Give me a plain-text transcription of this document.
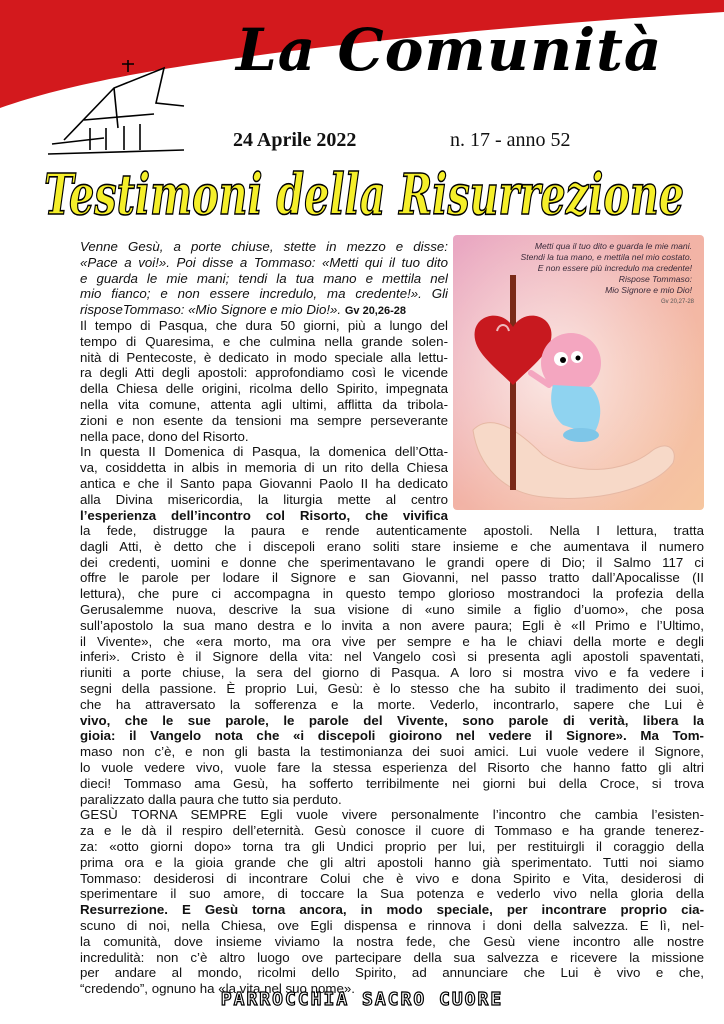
La Comunità
24 Aprile 2022	n. 17 - anno 52
Testimoni della Risurrezione
Metti qua il tuo dito e guarda le mie mani.
Stendi la tua mano, e mettila nel mio costato.
E non essere più incredulo ma credente!
Rispose Tommaso:
Mio Signore e mio Dio!
Gv 20,27-28
Venne Gesù, a porte chiuse, stette in mezzo e disse:
«Pace a voi!». Poi disse a Tommaso: «Metti qui il tuo dito
e guarda le mie mani; tendi la tua mano e mettila nel
mio fianco; e non essere incredulo, ma credente!». Gli
risposeTommaso: «Mio Signore e mio Dio!». Gv 20,26-28
Il tempo di Pasqua, che dura 50 giorni, più a lungo del
tempo di Quaresima, e che culmina nella grande solen-
nità di Pentecoste, è dedicato in modo speciale alla lettu-
ra degli Atti degli apostoli: approfondiamo così le vicende
della Chiesa delle origini, ricolma dello Spirito, impegnata
nella vita comune, attenta agli ultimi, afflitta da tribola-
zioni e non esente da tensioni ma sempre perseverante
nella pace, dono del Risorto.
In questa II Domenica di Pasqua, la domenica dell’Otta-
va, cosiddetta in albis in memoria di un rito della Chiesa
antica e che il Santo papa Giovanni Paolo II ha dedicato
alla Divina misericordia, la liturgia mette al centro
l’esperienza dell’incontro col Risorto, che vivifica
la fede, distrugge la paura e rende autenticamente apostoli. Nella I lettura, tratta
dagli Atti, è detto che i discepoli erano soliti stare insieme e che aumentava il numero
dei credenti, uomini e donne che sperimentavano le grandi opere di Dio; il Salmo 117 ci
offre le parole per lodare il Signore e san Giovanni, nel passo tratto dall’Apocalisse (II
lettura), che pure ci accompagna in questo tempo glorioso mostrandoci la profezia della
Gerusalemme nuova, descrive la sua visione di «uno simile a figlio d’uomo», che posa
sull’apostolo la sua mano destra e lo invita a non avere paura; Egli è «Il Primo e l’Ultimo,
il Vivente», che «era morto, ma ora vive per sempre e ha le chiavi della morte e degli
inferi». Cristo è il Signore della vita: nel Vangelo così si presenta agli apostoli spaventati,
riuniti a porte chiuse, la sera del giorno di Pasqua. A loro si mostra vivo e fa vedere i
segni della passione. È proprio Lui, Gesù: è lo stesso che ha subito il tradimento dei suoi,
che ha attraversato la sofferenza e la morte. Vederlo, incontrarlo, sapere che Lui è
vivo, che le sue parole, le parole del Vivente, sono parole di verità, libera la
gioia: il Vangelo nota che «i discepoli gioirono nel vedere il Signore». Ma Tom-
maso non c’è, e non gli basta la testimonianza dei suoi amici. Lui vuole vedere il Signore,
lo vuole vedere vivo, vuole fare la stessa esperienza del Risorto che hanno fatto gli altri
dieci! Tommaso ama Gesù, ha sofferto terribilmente nei giorni bui della Croce, si trova
paralizzato dalla paura che tutto sia perduto.
GESÙ TORNA SEMPRE Egli vuole vivere personalmente l’incontro che cambia l’esisten-
za e le dà il respiro dell’eternità. Gesù conosce il cuore di Tommaso e ha grande tenerez-
za: «otto giorni dopo» torna tra gli Undici proprio per lui, per restituirgli il coraggio della
prima ora e la gioia grande che gli altri apostoli hanno già sperimentato. Tutti noi siamo
Tommaso: desiderosi di incontrare Colui che è vivo e dona Spirito e Vita, desiderosi di
sperimentare il suo amore, di toccare la Sua potenza e vederlo vivo nella gloria della
Resurrezione. E Gesù torna ancora, in modo speciale, per incontrare proprio cia-
scuno di noi, nella Chiesa, ove Egli dispensa e rinnova i doni della salvezza. E lì, nel-
la comunità, dove insieme viviamo la nostra fede, che Gesù viene incontro alle nostre
incredulità: non c’è altro luogo ove partecipare della sua salvezza e ricevere la missione
per andare al mondo, ricolmi dello Spirito, ad annunciare che Lui è vivo e che,
“credendo”, ognuno ha «la vita nel suo nome».
PARROCCHIA SACRO CUORE
